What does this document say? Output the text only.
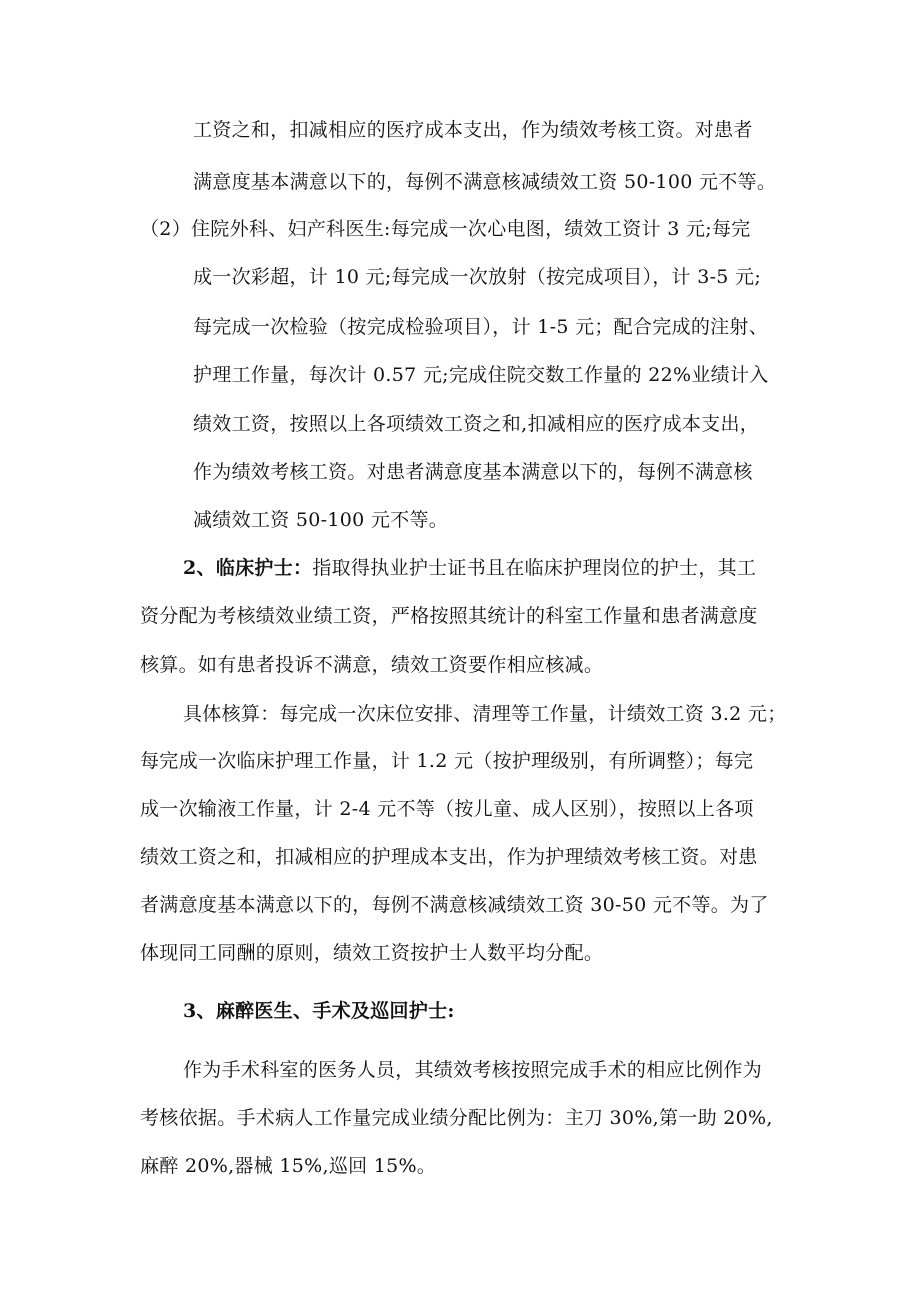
工资之和，扣减相应的医疗成本支出，作为绩效考核工资。对患者
满意度基本满意以下的，每例不满意核减绩效工资 50-100 元不等。
（2）住院外科、妇产科医生:每完成一次心电图，绩效工资计 3 元;每完
成一次彩超，计 10 元;每完成一次放射（按完成项目），计 3-5 元;
每完成一次检验（按完成检验项目），计 1-5 元；配合完成的注射、
护理工作量，每次计 0.57 元;完成住院交数工作量的 22%业绩计入
绩效工资，按照以上各项绩效工资之和,扣减相应的医疗成本支出，
作为绩效考核工资。对患者满意度基本满意以下的，每例不满意核
减绩效工资 50-100 元不等。
2、临床护士：指取得执业护士证书且在临床护理岗位的护士，其工
资分配为考核绩效业绩工资，严格按照其统计的科室工作量和患者满意度
核算。如有患者投诉不满意，绩效工资要作相应核减。
具体核算：每完成一次床位安排、清理等工作量，计绩效工资 3.2 元；
每完成一次临床护理工作量，计 1.2 元（按护理级别，有所调整）；每完
成一次输液工作量，计 2-4 元不等（按儿童、成人区别），按照以上各项
绩效工资之和，扣减相应的护理成本支出，作为护理绩效考核工资。对患
者满意度基本满意以下的，每例不满意核减绩效工资 30-50 元不等。为了
体现同工同酬的原则，绩效工资按护士人数平均分配。
3、麻醉医生、手术及巡回护士:
作为手术科室的医务人员，其绩效考核按照完成手术的相应比例作为
考核依据。手术病人工作量完成业绩分配比例为：主刀 30%,第一助 20%,
麻醉 20%,器械 15%,巡回 15%。
